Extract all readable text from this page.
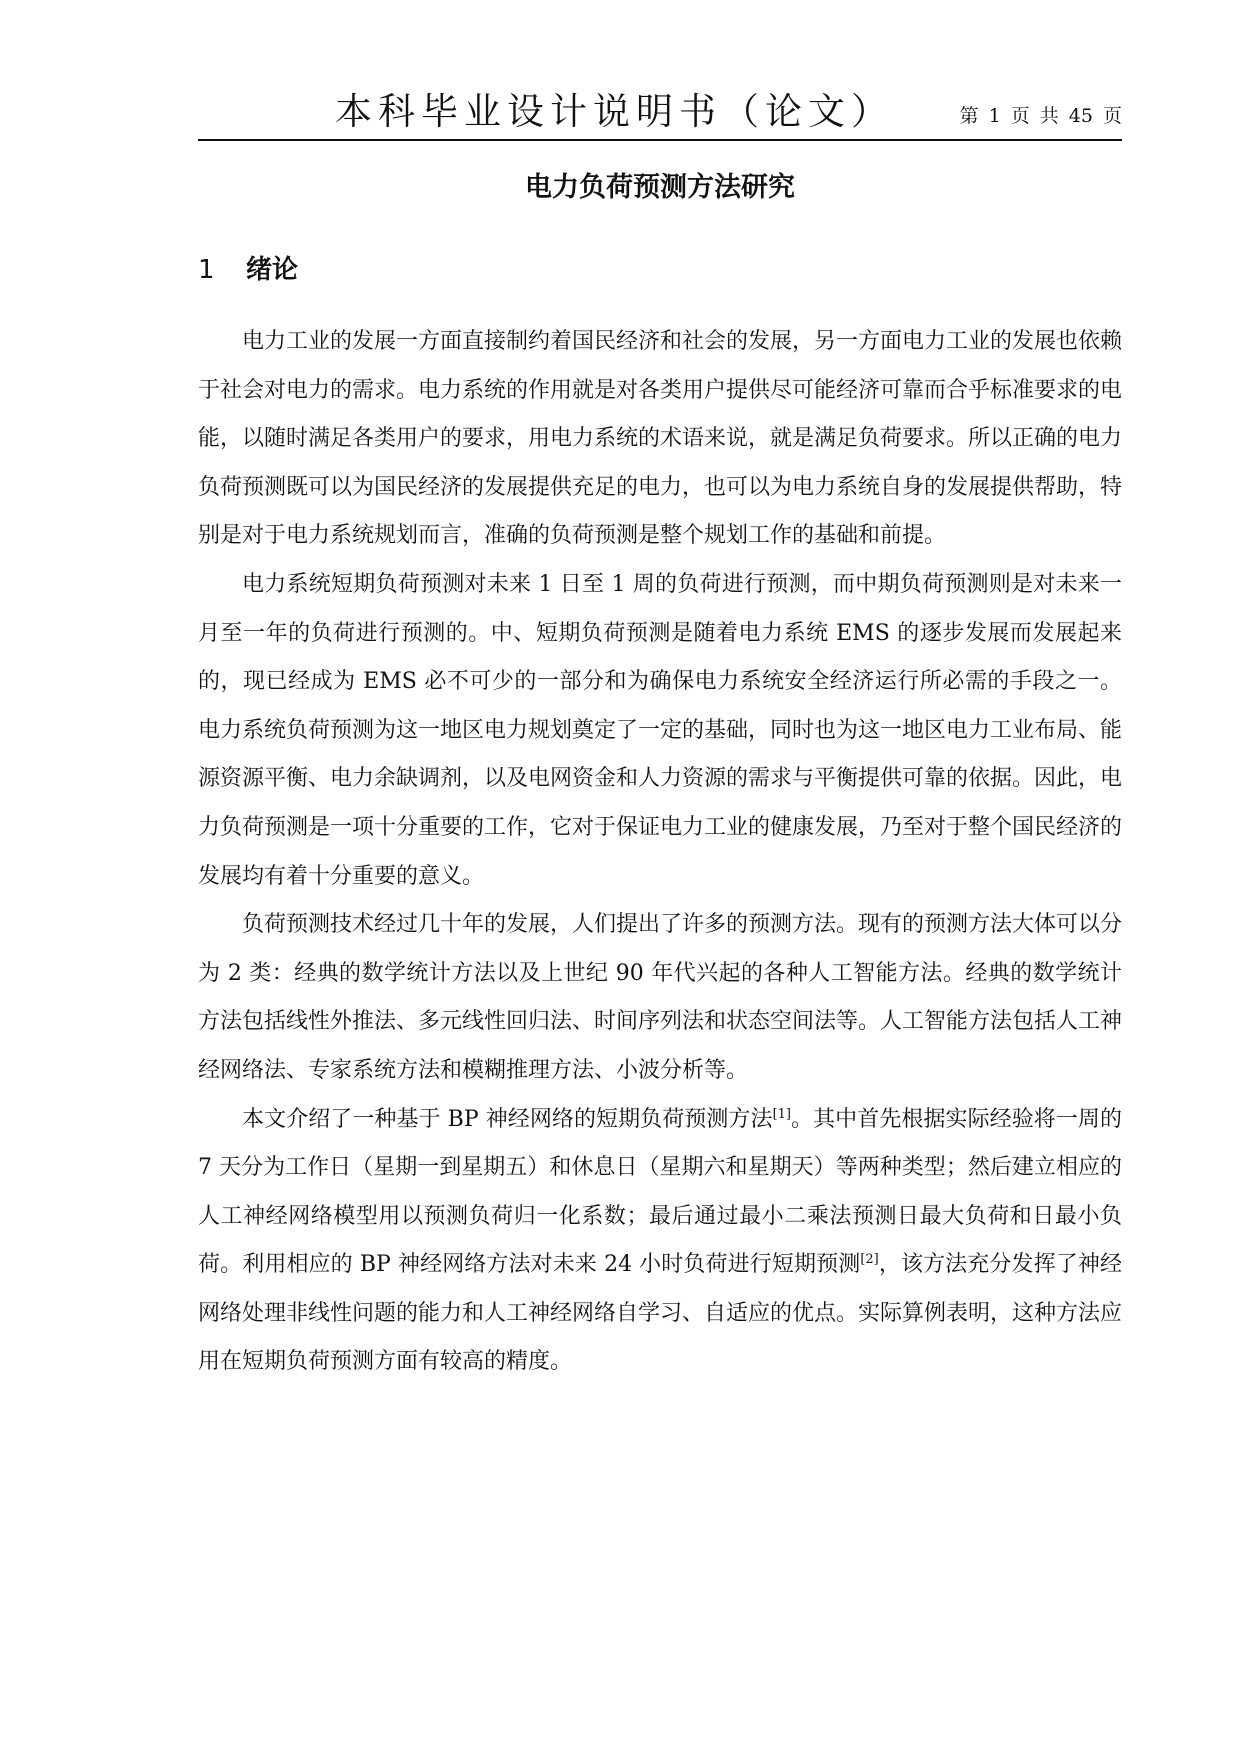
本科毕业设计说明书（论文）	第 1 页 共 45 页
电力负荷预测方法研究
1 绪论

电力工业的发展一方面直接制约着国民经济和社会的发展，另一方面电力工业的发展也依赖于社会对电力的需求。电力系统的作用就是对各类用户提供尽可能经济可靠而合乎标准要求的电能，以随时满足各类用户的要求，用电力系统的术语来说，就是满足负荷要求。所以正确的电力负荷预测既可以为国民经济的发展提供充足的电力，也可以为电力系统自身的发展提供帮助，特别是对于电力系统规划而言，准确的负荷预测是整个规划工作的基础和前提。

电力系统短期负荷预测对未来 1 日至 1 周的负荷进行预测，而中期负荷预测则是对未来一月至一年的负荷进行预测的。中、短期负荷预测是随着电力系统 EMS 的逐步发展而发展起来的，现已经成为 EMS 必不可少的一部分和为确保电力系统安全经济运行所必需的手段之一。电力系统负荷预测为这一地区电力规划奠定了一定的基础，同时也为这一地区电力工业布局、能源资源平衡、电力余缺调剂，以及电网资金和人力资源的需求与平衡提供可靠的依据。因此，电力负荷预测是一项十分重要的工作，它对于保证电力工业的健康发展，乃至对于整个国民经济的发展均有着十分重要的意义。

负荷预测技术经过几十年的发展，人们提出了许多的预测方法。现有的预测方法大体可以分为 2 类：经典的数学统计方法以及上世纪 90 年代兴起的各种人工智能方法。经典的数学统计方法包括线性外推法、多元线性回归法、时间序列法和状态空间法等。人工智能方法包括人工神经网络法、专家系统方法和模糊推理方法、小波分析等。

本文介绍了一种基于 BP 神经网络的短期负荷预测方法[1]。其中首先根据实际经验将一周的 7 天分为工作日（星期一到星期五）和休息日（星期六和星期天）等两种类型；然后建立相应的人工神经网络模型用以预测负荷归一化系数；最后通过最小二乘法预测日最大负荷和日最小负荷。利用相应的 BP 神经网络方法对未来 24 小时负荷进行短期预测[2]，该方法充分发挥了神经网络处理非线性问题的能力和人工神经网络自学习、自适应的优点。实际算例表明，这种方法应用在短期负荷预测方面有较高的精度。
